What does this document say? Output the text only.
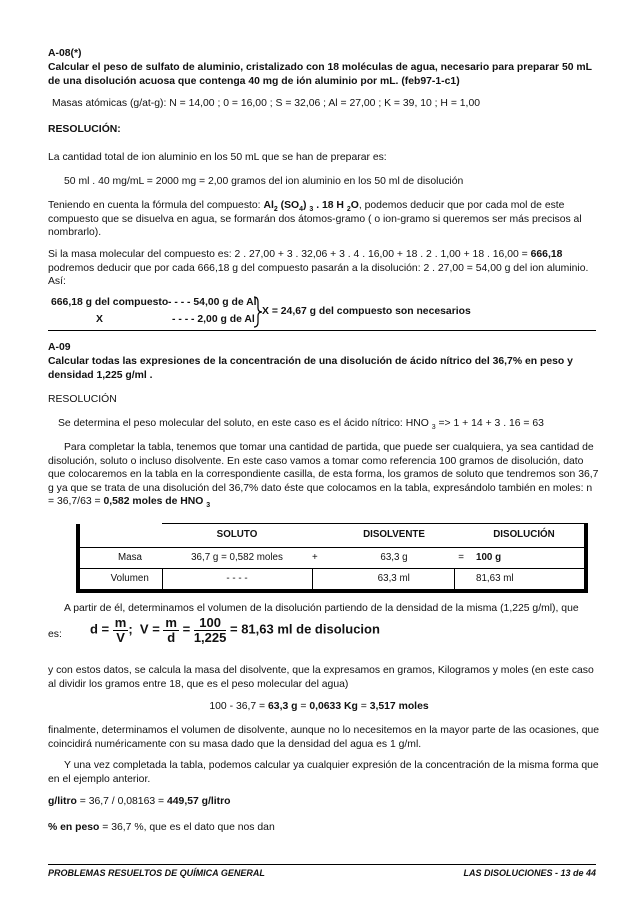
A-08(*)

Calcular el peso de sulfato de aluminio, cristalizado con 18 moléculas de agua, necesario para preparar 50 mL de una disolución acuosa que contenga 40 mg de ión aluminio por mL. (feb97-1-c1)

Masas atómicas (g/at-g): N = 14,00 ; 0 = 16,00 ; S = 32,06 ; Al = 27,00 ; K = 39, 10 ; H = 1,00

RESOLUCIÓN:

La cantidad total de ion aluminio en los 50 mL que se han de preparar es:

50 ml . 40 mg/mL = 2000 mg = 2,00 gramos del ion aluminio en los 50 ml de disolución

Teniendo en cuenta la fórmula del compuesto: $Al_2$ $(SO_4)$ $_3$ . 18 H $_2$O, podemos deducir que por cada mol de este compuesto que se disuelva en agua, se formarán dos átomos-gramo ( o ion-gramo si queremos ser más precisos al nombrarlo).

Si la masa molecular del compuesto es: 2 . 27,00 + 3 . 32,06 + 3 . 4 . 16,00 + 18 . 2 . 1,00 + 18 . 16,00 = 666,18 podremos deducir que por cada 666,18 g del compuesto pasarán a la disolución: 2 . 27,00 = 54,00 g del ion aluminio. Así:

666,18 g del compuesto - - - - 54,00 g de Al
X	- - - - 2,00 g de Al
X = 24,67 g del compuesto son necesarios

A-09

Calcular todas las expresiones de la concentración de una disolución de ácido nítrico del 36,7% en peso y densidad 1,225 g/ml .

RESOLUCIÓN

Se determina el peso molecular del soluto, en este caso es el ácido nítrico: HNO $_3$ => 1 + 14 + 3 . 16 = 63

Para completar la tabla, tenemos que tomar una cantidad de partida, que puede ser cualquiera, ya sea cantidad de disolución, soluto o incluso disolvente. En este caso vamos a tomar como referencia 100 gramos de disolución, dato que colocaremos en la tabla en la correspondiente casilla, de esta forma, los gramos de soluto que tendremos son 36,7 g ya que se trata de una disolución del 36,7% dato éste que colocamos en la tabla, expresándolo también en moles: n = 36,7/63 = 0,582 moles de HNO $_3$

	SOLUTO		DISOLVENTE		DISOLUCIÓN
Masa	36,7 g = 0,582 moles	+	63,3 g	=	100 g
Volumen	- - - -		63,3 ml		81,63 ml

A partir de él, determinamos el volumen de la disolución partiendo de la densidad de la misma (1,225 g/ml), que

es: $d = \frac{m}{V}$ ; $V = \frac{m}{d} = \frac{100}{1,225} = 81,63$ ml de disolucion

y con estos datos, se calcula la masa del disolvente, que la expresamos en gramos, Kilogramos y moles (en este caso al dividir los gramos entre 18, que es el peso molecular del agua)

100 - 36,7 = 63,3 g = 0,0633 Kg = 3,517 moles

finalmente, determinamos el volumen de disolvente, aunque no lo necesitemos en la mayor parte de las ocasiones, que coincidirá numéricamente con su masa dado que la densidad del agua es 1 g/ml.

Y una vez completada la tabla, podemos calcular ya cualquier expresión de la concentración de la misma forma que en el ejemplo anterior.

g/litro = 36,7 / 0,08163 = 449,57 g/litro

% en peso = 36,7 %, que es el dato que nos dan

PROBLEMAS RESUELTOS DE QUÍMICA GENERAL	LAS DISOLUCIONES - 13 de 44
